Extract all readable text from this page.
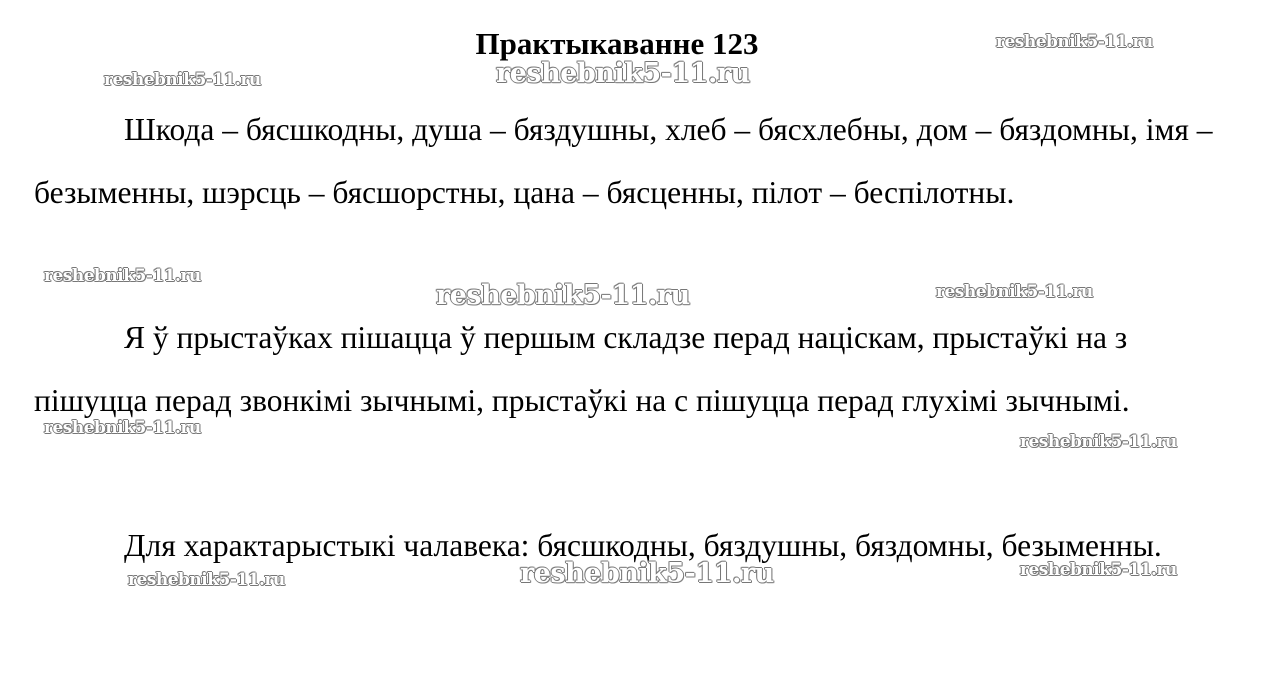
Практыкаванне 123

Шкода – бясшкодны, душа – бяздушны, хлеб – бясхлебны, дом – бяздомны, імя – безыменны, шэрсць – бясшорстны, цана – бясценны, пілот – беспілотны.

Я ў прыстаўках пішацца ў першым складзе перад націскам, прыстаўкі на з пішуцца перад звонкімі зычнымі, прыстаўкі на с пішуцца перад глухімі зычнымі.

Для характарыстыкі чалавека: бясшкодны, бяздушны, бяздомны, безыменны.

reshebnik5-11.ru
reshebnik5-11.ru	reshebnik5-11.ru
reshebnik5-11.ru
reshebnik5-11.ru	reshebnik5-11.ru
reshebnik5-11.ru
reshebnik5-11.ru
reshebnik5-11.ru	reshebnik5-11.ru	reshebnik5-11.ru
